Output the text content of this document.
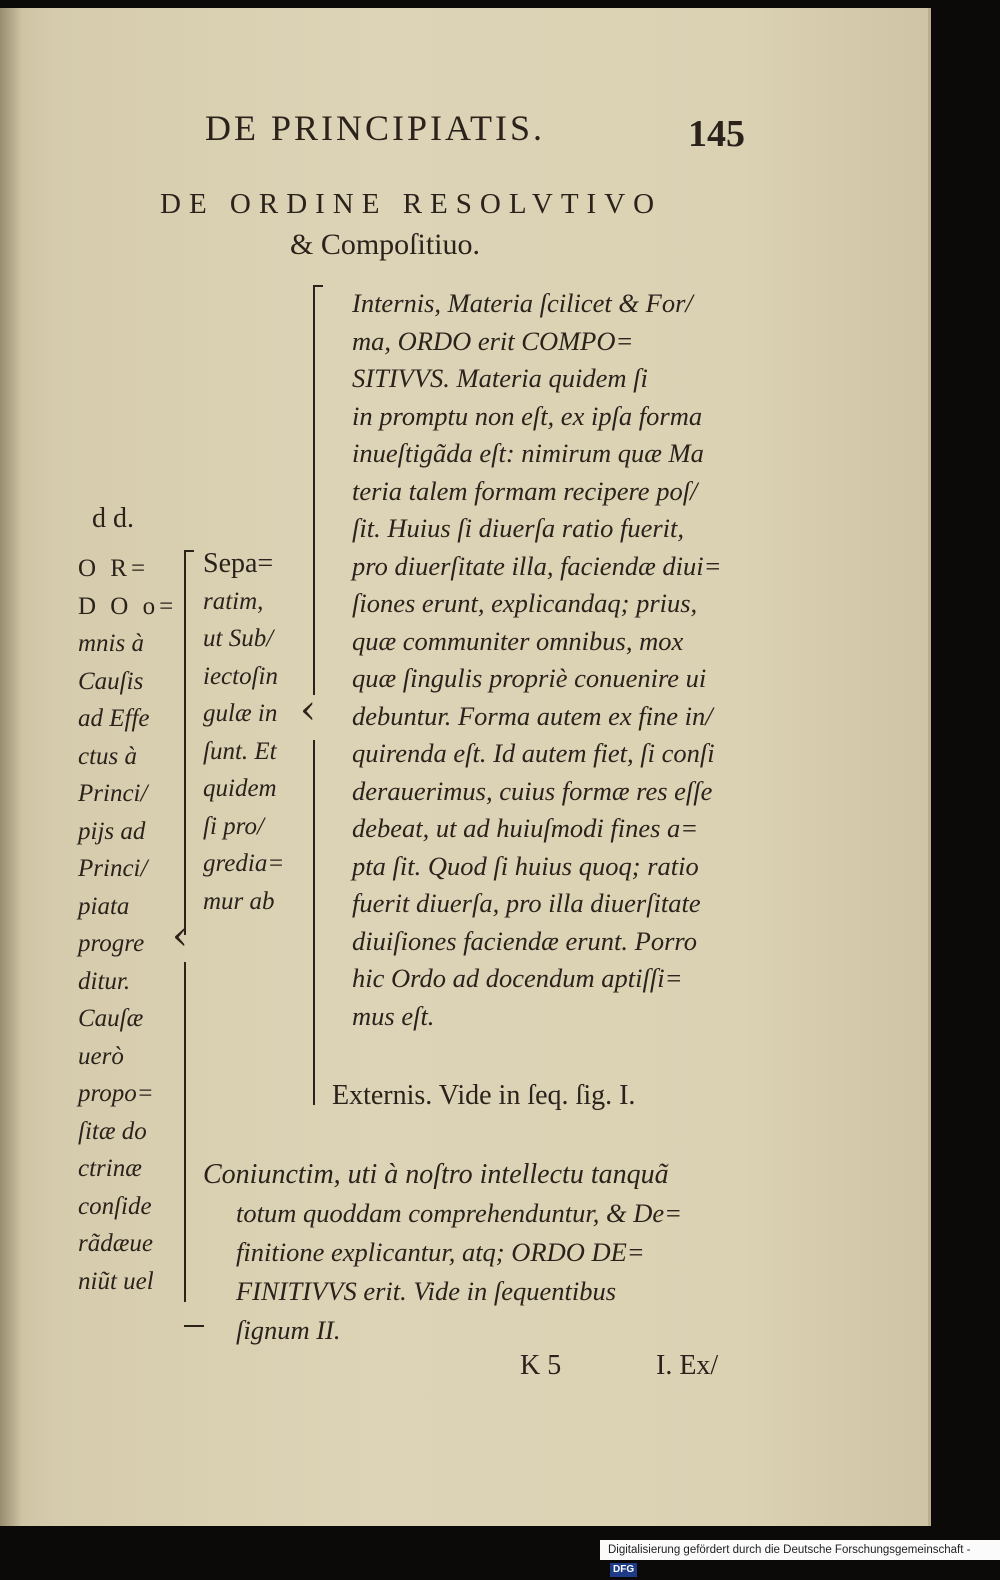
DE PRINCIPIATIS.	145
DE ORDINE RESOLVTIVO
& Compoſitiuo.
d d.
O R=
D O o=
mnis à
Cauſis
ad Effe
ctus à
Princi/
pijs ad
Princi/
piata
progre
ditur.
Cauſæ
uerò
propo=
ſitæ do
ctrinæ
conſide
rãdæue
niũt uel
‹
Sepa=
ratim,
ut Sub/
iectoſin
gulæ in
ſunt. Et
quidem
ſi pro/
gredia=
mur ab
‹
Internis, Materia ſcilicet & For/
ma, ORDO erit COMPO=
SITIVVS. Materia quidem ſi
in promptu non eſt, ex ipſa forma
inueſtigãda eſt: nimirum quæ Ma
teria talem formam recipere poſ/
ſit. Huius ſi diuerſa ratio fuerit,
pro diuerſitate illa, faciendæ diui=
ſiones erunt, explicandaq; prius,
quæ communiter omnibus, mox
quæ ſingulis propriè conuenire ui
debuntur. Forma autem ex fine in/
quirenda eſt. Id autem fiet, ſi conſi
derauerimus, cuius formæ res eſſe
debeat, ut ad huiuſmodi fines a=
pta ſit. Quod ſi huius quoq; ratio
fuerit diuerſa, pro illa diuerſitate
diuiſiones faciendæ erunt. Porro
hic Ordo ad docendum aptiſſi=
mus eſt.
Externis. Vide in ſeq. ſig. I.
Coniunctim, uti à noſtro intellectu tanquã
totum quoddam comprehenduntur, & De=
finitione explicantur, atq; ORDO DE=
FINITIVVS erit. Vide in ſequentibus
ſignum II.
K 5	I. Ex/
Digitalisierung gefördert durch die Deutsche Forschungsgemeinschaft - DFG
